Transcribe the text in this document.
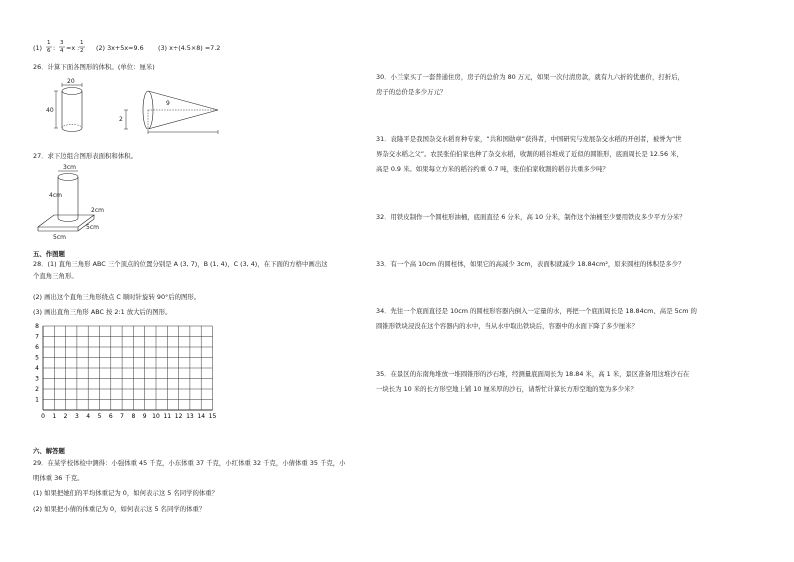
(1)
1
6 :
3
4 =x :
1
2 (2) 3x+5x=9.6 (3) x÷(4.5×8) =7.2
26．计算下面各图形的体积。(单位：厘米)
20
40
2
9
27．求下边组合图形表面积和体积。
3cm
4cm
2cm
5cm
5cm
五、作图题
28．(1) 直角三角形 ABC 三个顶点的位置分别是 A (3, 7)，B (1, 4)，C (3, 4)，在下面的方格中画出这
个直角三角形。
(2) 画出这个直角三角形绕点 C 顺时针旋转 90°后的图形。
(3) 画出直角三角形 ABC 按 2:1 放大后的图形。
0 1 2 3 4 5 6 7 8 9 10 11 12 13 14 15
8
7
6
5
4
3
2
1
六、解答题
29．在某学校体检中测得：小强体重 45 千克，小东体重 37 千克，小红体重 32 千克，小倩体重 35 千克，小
明体重 36 千克。
(1) 如果把她们的平均体重记为 0，如何表示这 5 名同学的体重？
(2) 如果把小倩的体重记为 0，如何表示这 5 名同学的体重？
30．小兰家买了一套普通住房，房子的总价为 80 万元，如果一次付清房款，就有九六折的优惠价，打折后，
房子的总价是多少万元？
31．袁隆平是我国杂交水稻育种专家，“共和国勋章”获得者，中国研究与发展杂交水稻的开创者，被誉为“世
界杂交水稻之父”。农民张伯伯家也种了杂交水稻，收割的稻谷堆成了近似的圆锥形，底面周长是 12.56 米，
高是 0.9 米。如果每立方米的稻谷约重 0.7 吨，张伯伯家收割的稻谷共重多少吨？
32．用铁皮制作一个圆柱形油桶，底面直径 6 分米，高 10 分米，制作这个油桶至少要用铁皮多少平方分米？
33．有一个高 10cm 的圆柱体，如果它的高减少 3cm，表面积就减少 18.84cm²，原来圆柱的体积是多少？
34．先往一个底面直径是 10cm 的圆柱形容器内倒入一定量的水，再把一个底面周长是 18.84cm、高是 5cm 的
圆锥形铁块浸没在这个容器内的水中，当从水中取出铁块后，容器中的水面下降了多少厘米？
35．在景区的东南角堆放一堆圆锥形的沙石堆，经测量底面周长为 18.84 米，高 1 米，景区准备用这堆沙石在
一块长为 10 米的长方形空地上铺 10 厘米厚的沙石，请帮忙计算长方形空地的宽为多少米？
